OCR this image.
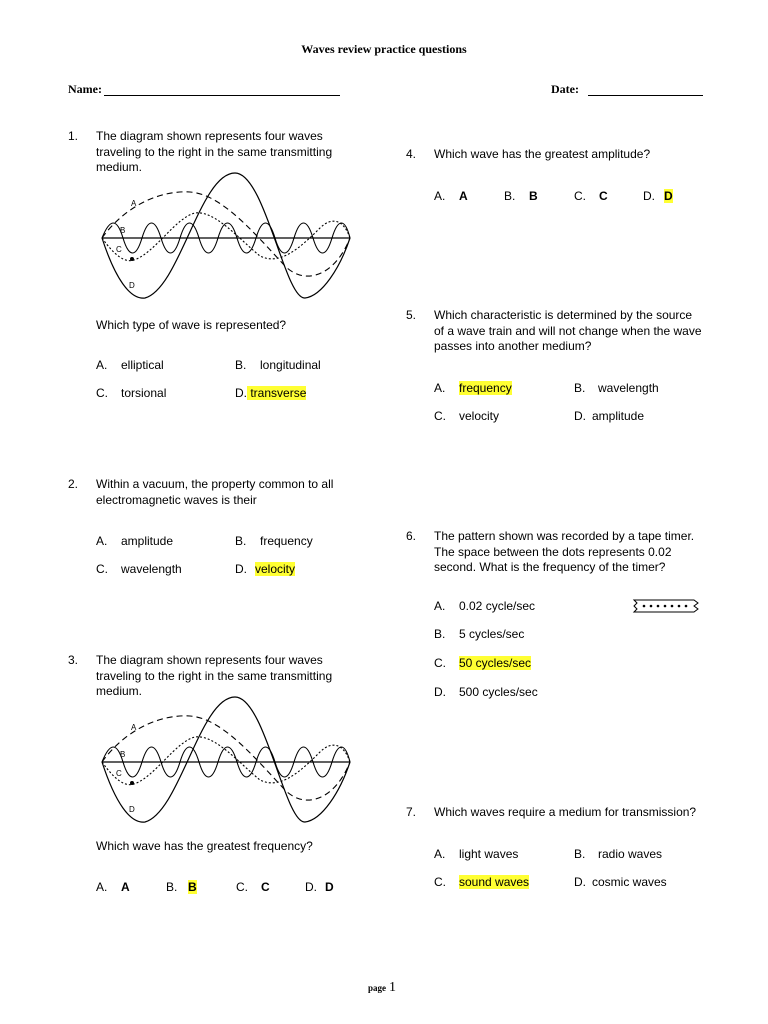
Waves review practice questions
Name:	Date:
1. The diagram shown represents four waves traveling to the right in the same transmitting medium.
A
B
C
D
Which type of wave is represented?
A. elliptical	B. longitudinal
C. torsional	D. transverse
2. Within a vacuum, the property common to all electromagnetic waves is their
A. amplitude	B. frequency
C. wavelength	D. velocity
3. The diagram shown represents four waves traveling to the right in the same transmitting medium.
A
B
C
D
Which wave has the greatest frequency?
A. A	B. B	C. C	D. D
4. Which wave has the greatest amplitude?
A. A	B. B	C. C	D. D
5. Which characteristic is determined by the source of a wave train and will not change when the wave passes into another medium?
A. frequency	B. wavelength
C. velocity	D. amplitude
6. The pattern shown was recorded by a tape timer. The space between the dots represents 0.02 second. What is the frequency of the timer?
A. 0.02 cycle/sec
B. 5 cycles/sec
C. 50 cycles/sec
D. 500 cycles/sec
7. Which waves require a medium for transmission?
A. light waves	B. radio waves
C. sound waves	D. cosmic waves
page 1
